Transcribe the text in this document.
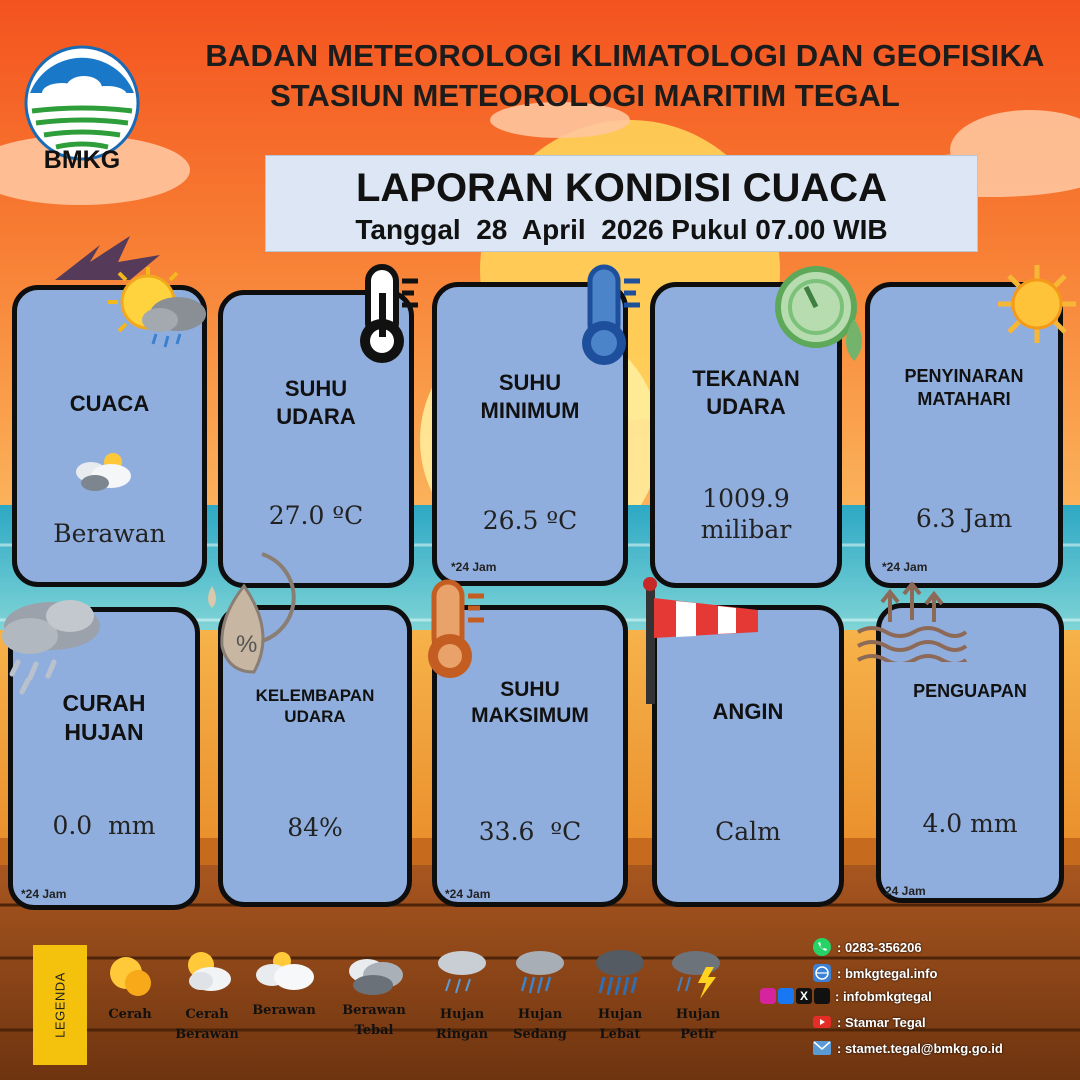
BMKG
BADAN METEOROLOGI KLIMATOLOGI DAN GEOFISIKA
STASIUN METEOROLOGI MARITIM TEGAL
LAPORAN KONDISI CUACA
Tanggal  28  April  2026 Pukul 07.00 WIB
CUACA
Berawan
SUHU
UDARA
27.0 ºC
SUHU
MINIMUM
26.5 ºC
*24 Jam
TEKANAN
UDARA
1009.9
milibar
PENYINARAN
MATAHARI
6.3 Jam
*24 Jam
CURAH
HUJAN
0.0  mm
*24 Jam
KELEMBAPAN
UDARA
84%
SUHU
MAKSIMUM
33.6  ºC
*24 Jam
ANGIN
Calm
PENGUAPAN
4.0 mm
24 Jam
%
LEGENDA	Cerah	Cerah
Berawan
Berawan	Berawan
Tebal
Hujan
Ringan
Hujan
Sedang
Hujan
Lebat
Hujan
Petir
: 0283-356206
: bmkgtegal.info
X	: infobmkgtegal
: Stamar Tegal
: stamet.tegal@bmkg.go.id
